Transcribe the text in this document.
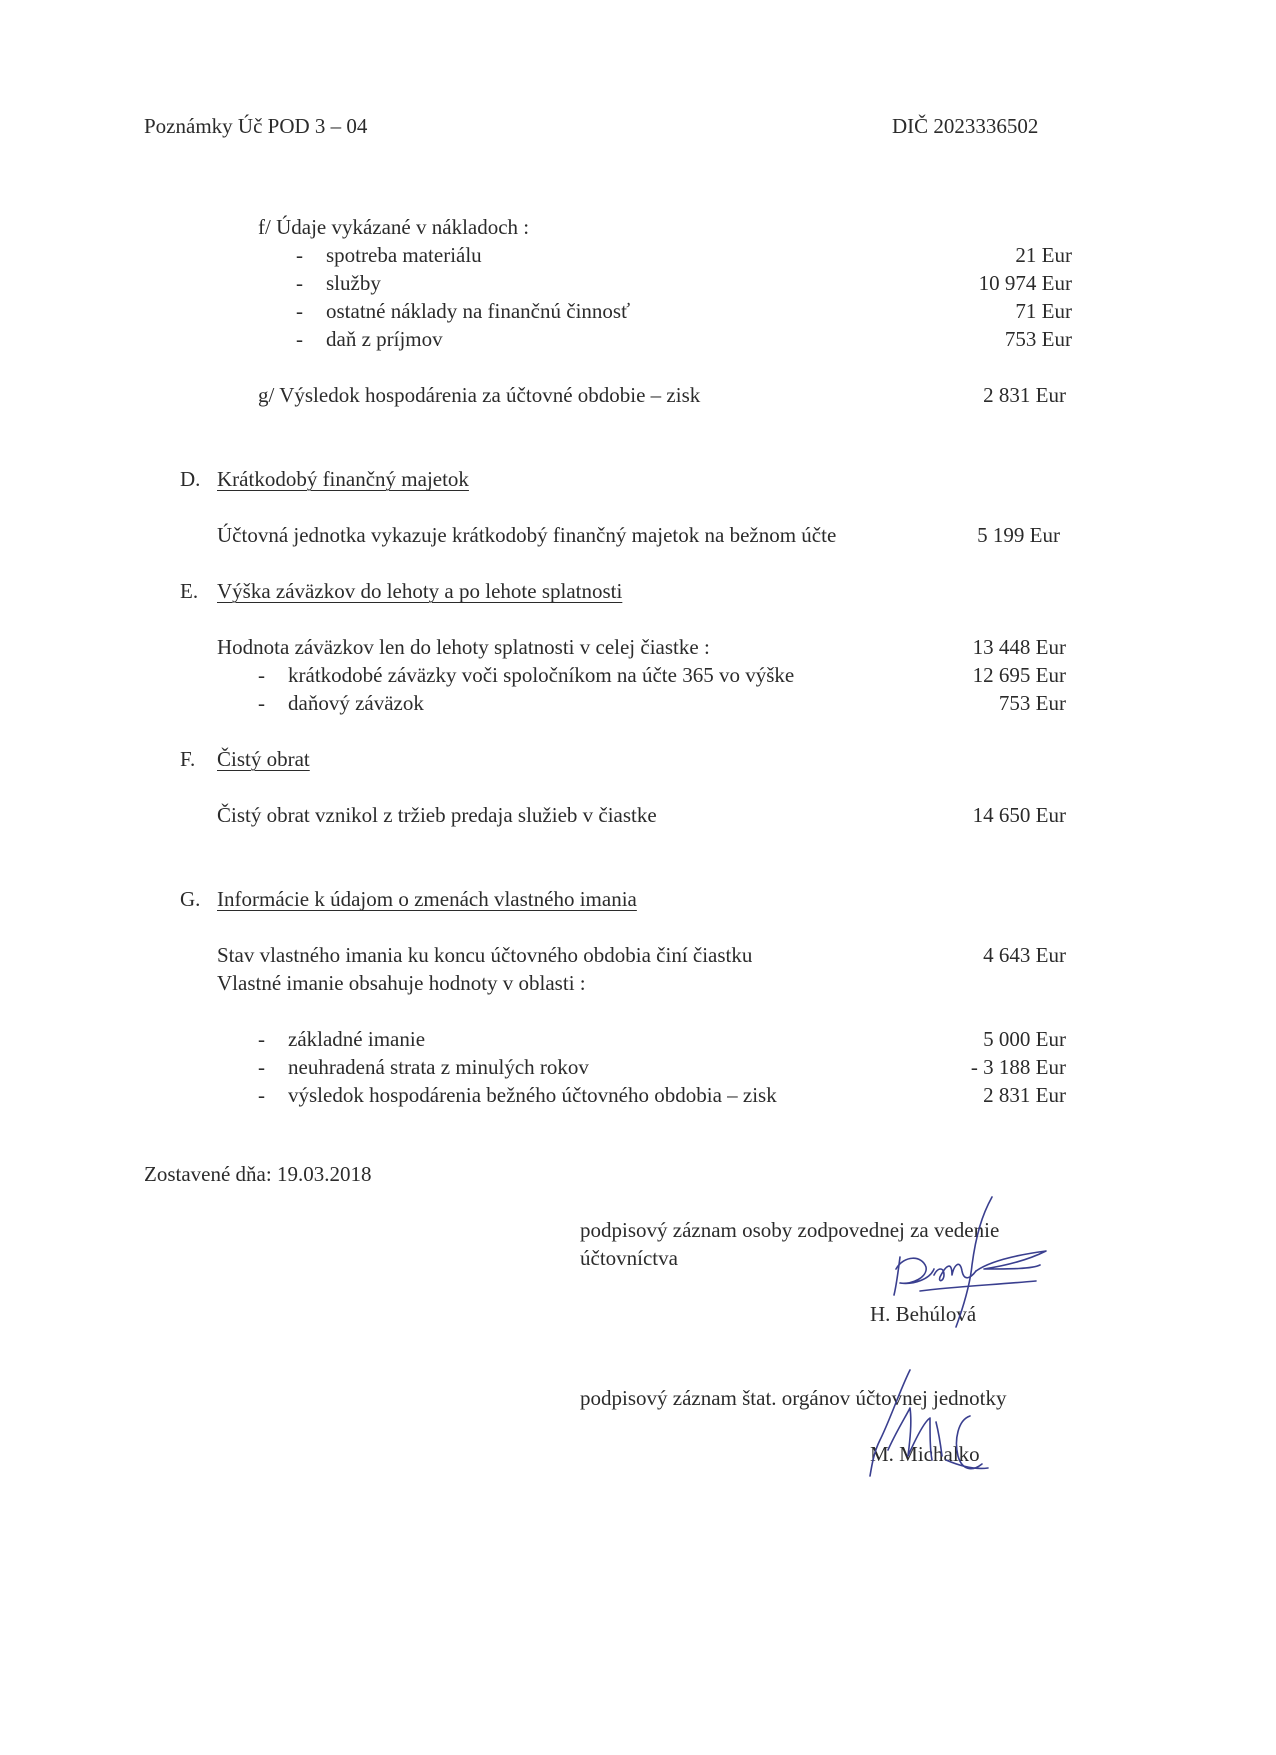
Poznámky Úč POD 3 – 04	DIČ 2023336502
f/ Údaje vykázané v nákladoch :
- spotreba materiálu	21 Eur
- služby	10 974 Eur
- ostatné náklady na finančnú činnosť	71 Eur
- daň z príjmov	753 Eur
g/ Výsledok hospodárenia za účtovné obdobie – zisk	2 831 Eur
D. Krátkodobý finančný majetok
Účtovná jednotka vykazuje krátkodobý finančný majetok na bežnom účte	5 199 Eur
E. Výška záväzkov do lehoty a po lehote splatnosti
Hodnota záväzkov len do lehoty splatnosti v celej čiastke :	13 448 Eur
- krátkodobé záväzky voči spoločníkom na účte 365 vo výške	12 695 Eur
- daňový záväzok	753 Eur
F. Čistý obrat
Čistý obrat vznikol z tržieb predaja služieb v čiastke	14 650 Eur
G. Informácie k údajom o zmenách vlastného imania
Stav vlastného imania ku koncu účtovného obdobia činí čiastku	4 643 Eur
Vlastné imanie obsahuje hodnoty v oblasti :
- základné imanie	5 000 Eur
- neuhradená strata z minulých rokov	- 3 188 Eur
- výsledok hospodárenia bežného účtovného obdobia – zisk	2 831 Eur
Zostavené dňa: 19.03.2018
podpisový záznam osoby zodpovednej za vedenie
účtovníctva
H. Behúlová
podpisový záznam štat. orgánov účtovnej jednotky
M. Michalko
